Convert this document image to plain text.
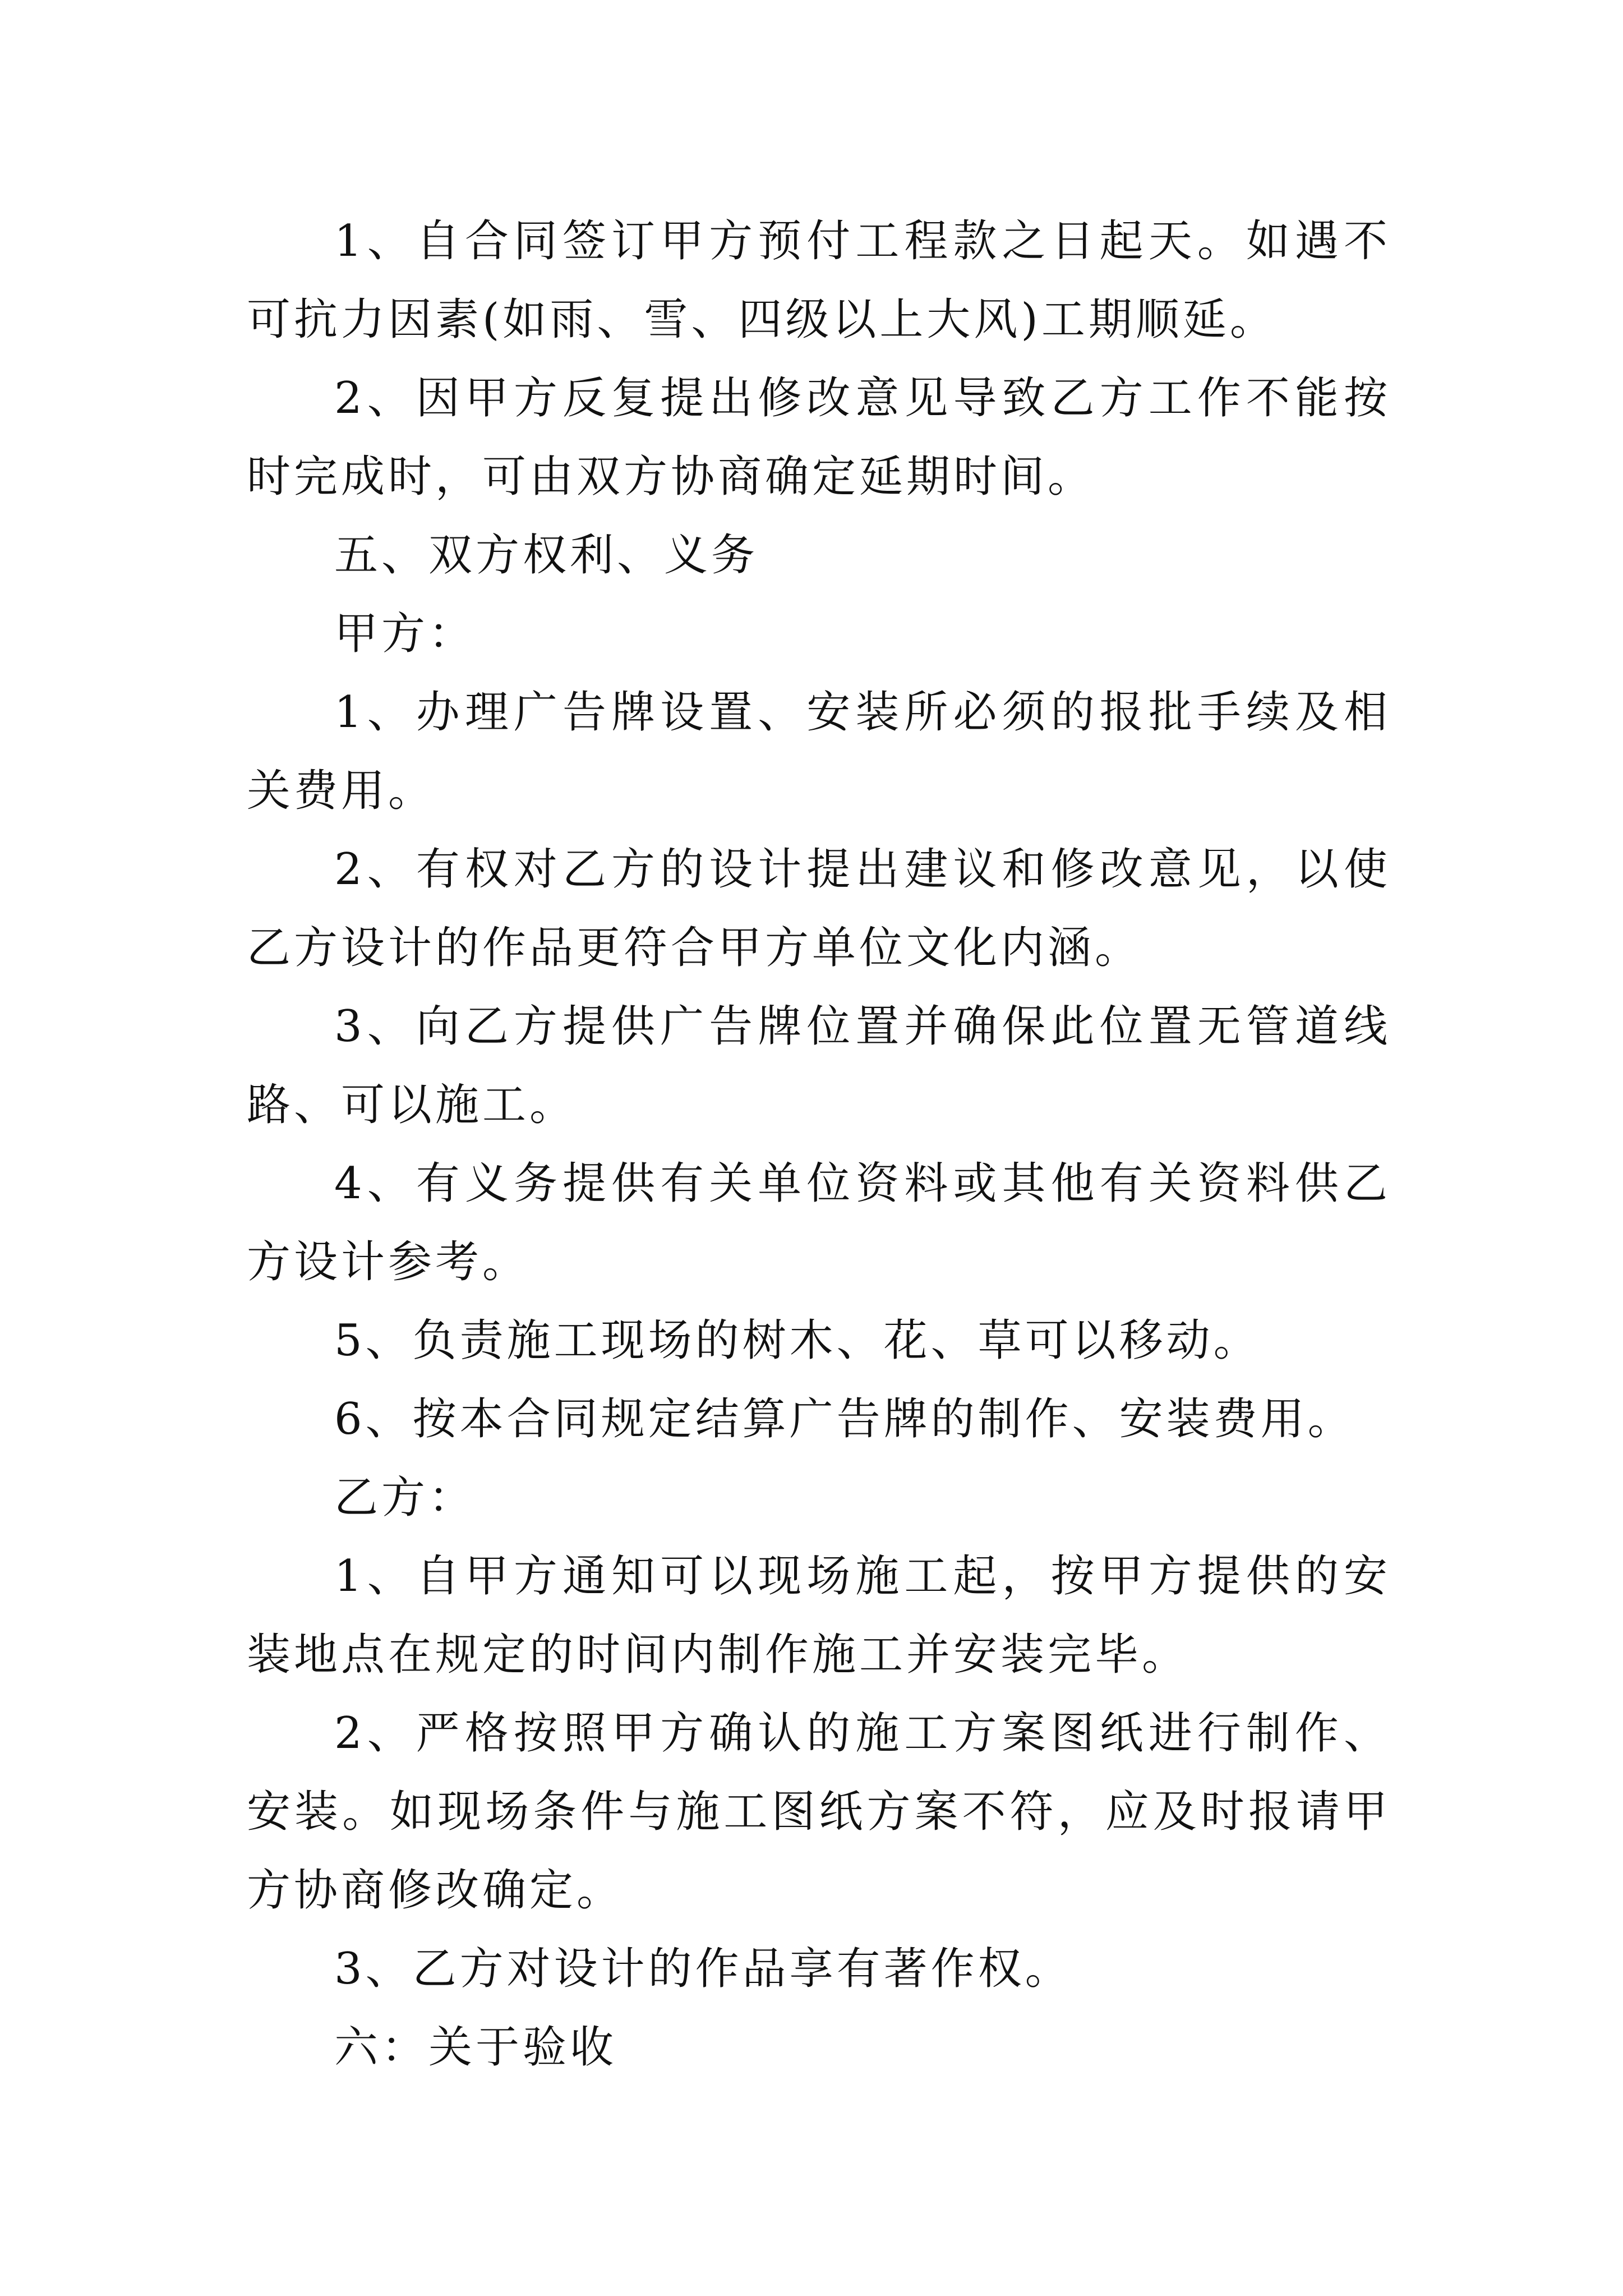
1、自合同签订甲方预付工程款之日起天。如遇不可抗力因素(如雨、雪、四级以上大风)工期顺延。

2、因甲方反复提出修改意见导致乙方工作不能按时完成时，可由双方协商确定延期时间。

五、双方权利、义务

甲方：

1、办理广告牌设置、安装所必须的报批手续及相关费用。

2、有权对乙方的设计提出建议和修改意见，以使乙方设计的作品更符合甲方单位文化内涵。

3、向乙方提供广告牌位置并确保此位置无管道线路、可以施工。

4、有义务提供有关单位资料或其他有关资料供乙方设计参考。

5、负责施工现场的树木、花、草可以移动。

6、按本合同规定结算广告牌的制作、安装费用。

乙方：

1、自甲方通知可以现场施工起，按甲方提供的安装地点在规定的时间内制作施工并安装完毕。

2、严格按照甲方确认的施工方案图纸进行制作、安装。如现场条件与施工图纸方案不符，应及时报请甲方协商修改确定。

3、乙方对设计的作品享有著作权。

六：关于验收
